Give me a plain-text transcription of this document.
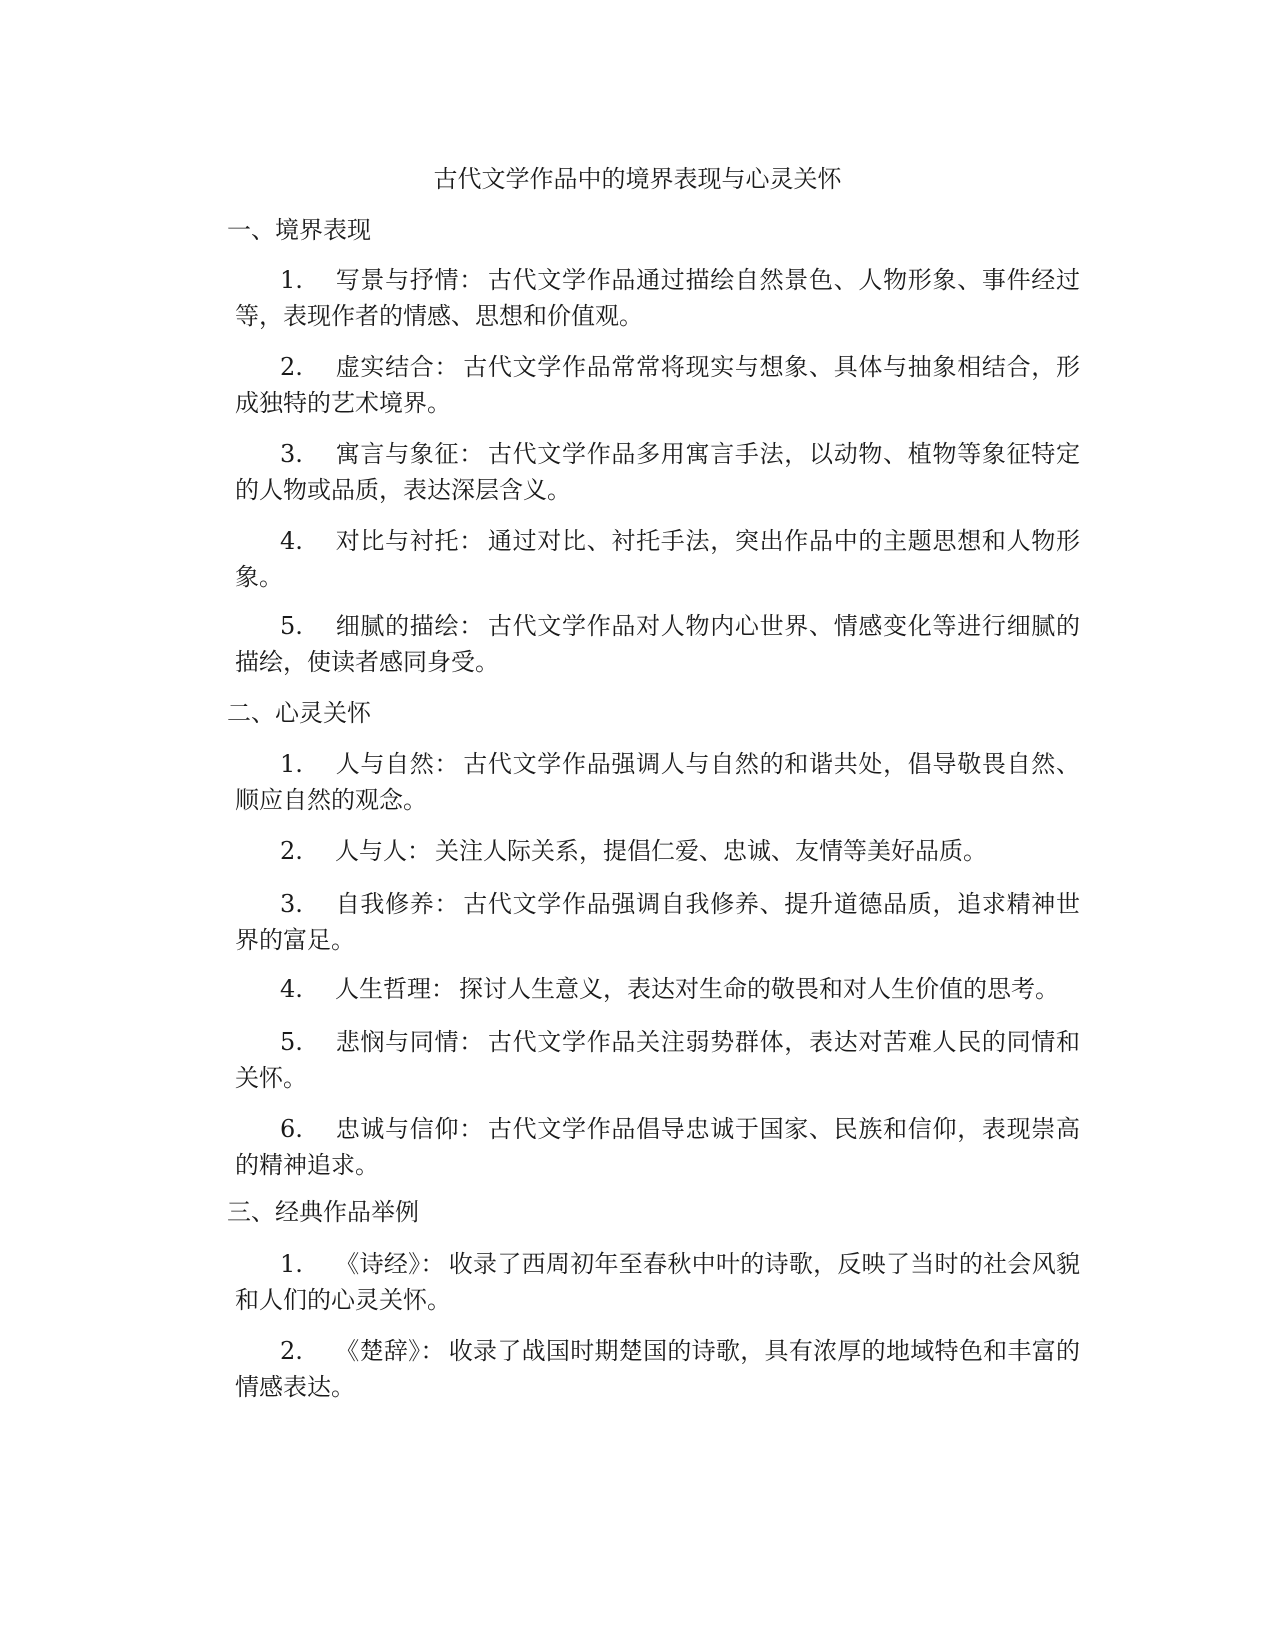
古代文学作品中的境界表现与心灵关怀
一、境界表现

1. 写景与抒情：古代文学作品通过描绘自然景色、人物形象、事件经过等，表现作者的情感、思想和价值观。

2. 虚实结合：古代文学作品常常将现实与想象、具体与抽象相结合，形成独特的艺术境界。

3. 寓言与象征：古代文学作品多用寓言手法，以动物、植物等象征特定的人物或品质，表达深层含义。

4. 对比与衬托：通过对比、衬托手法，突出作品中的主题思想和人物形象。

5. 细腻的描绘：古代文学作品对人物内心世界、情感变化等进行细腻的描绘，使读者感同身受。

二、心灵关怀

1. 人与自然：古代文学作品强调人与自然的和谐共处，倡导敬畏自然、顺应自然的观念。

2. 人与人：关注人际关系，提倡仁爱、忠诚、友情等美好品质。

3. 自我修养：古代文学作品强调自我修养、提升道德品质，追求精神世界的富足。

4. 人生哲理：探讨人生意义，表达对生命的敬畏和对人生价值的思考。

5. 悲悯与同情：古代文学作品关注弱势群体，表达对苦难人民的同情和关怀。

6. 忠诚与信仰：古代文学作品倡导忠诚于国家、民族和信仰，表现崇高的精神追求。

三、经典作品举例

1. 《诗经》：收录了西周初年至春秋中叶的诗歌，反映了当时的社会风貌和人们的心灵关怀。

2. 《楚辞》：收录了战国时期楚国的诗歌，具有浓厚的地域特色和丰富的情感表达。
